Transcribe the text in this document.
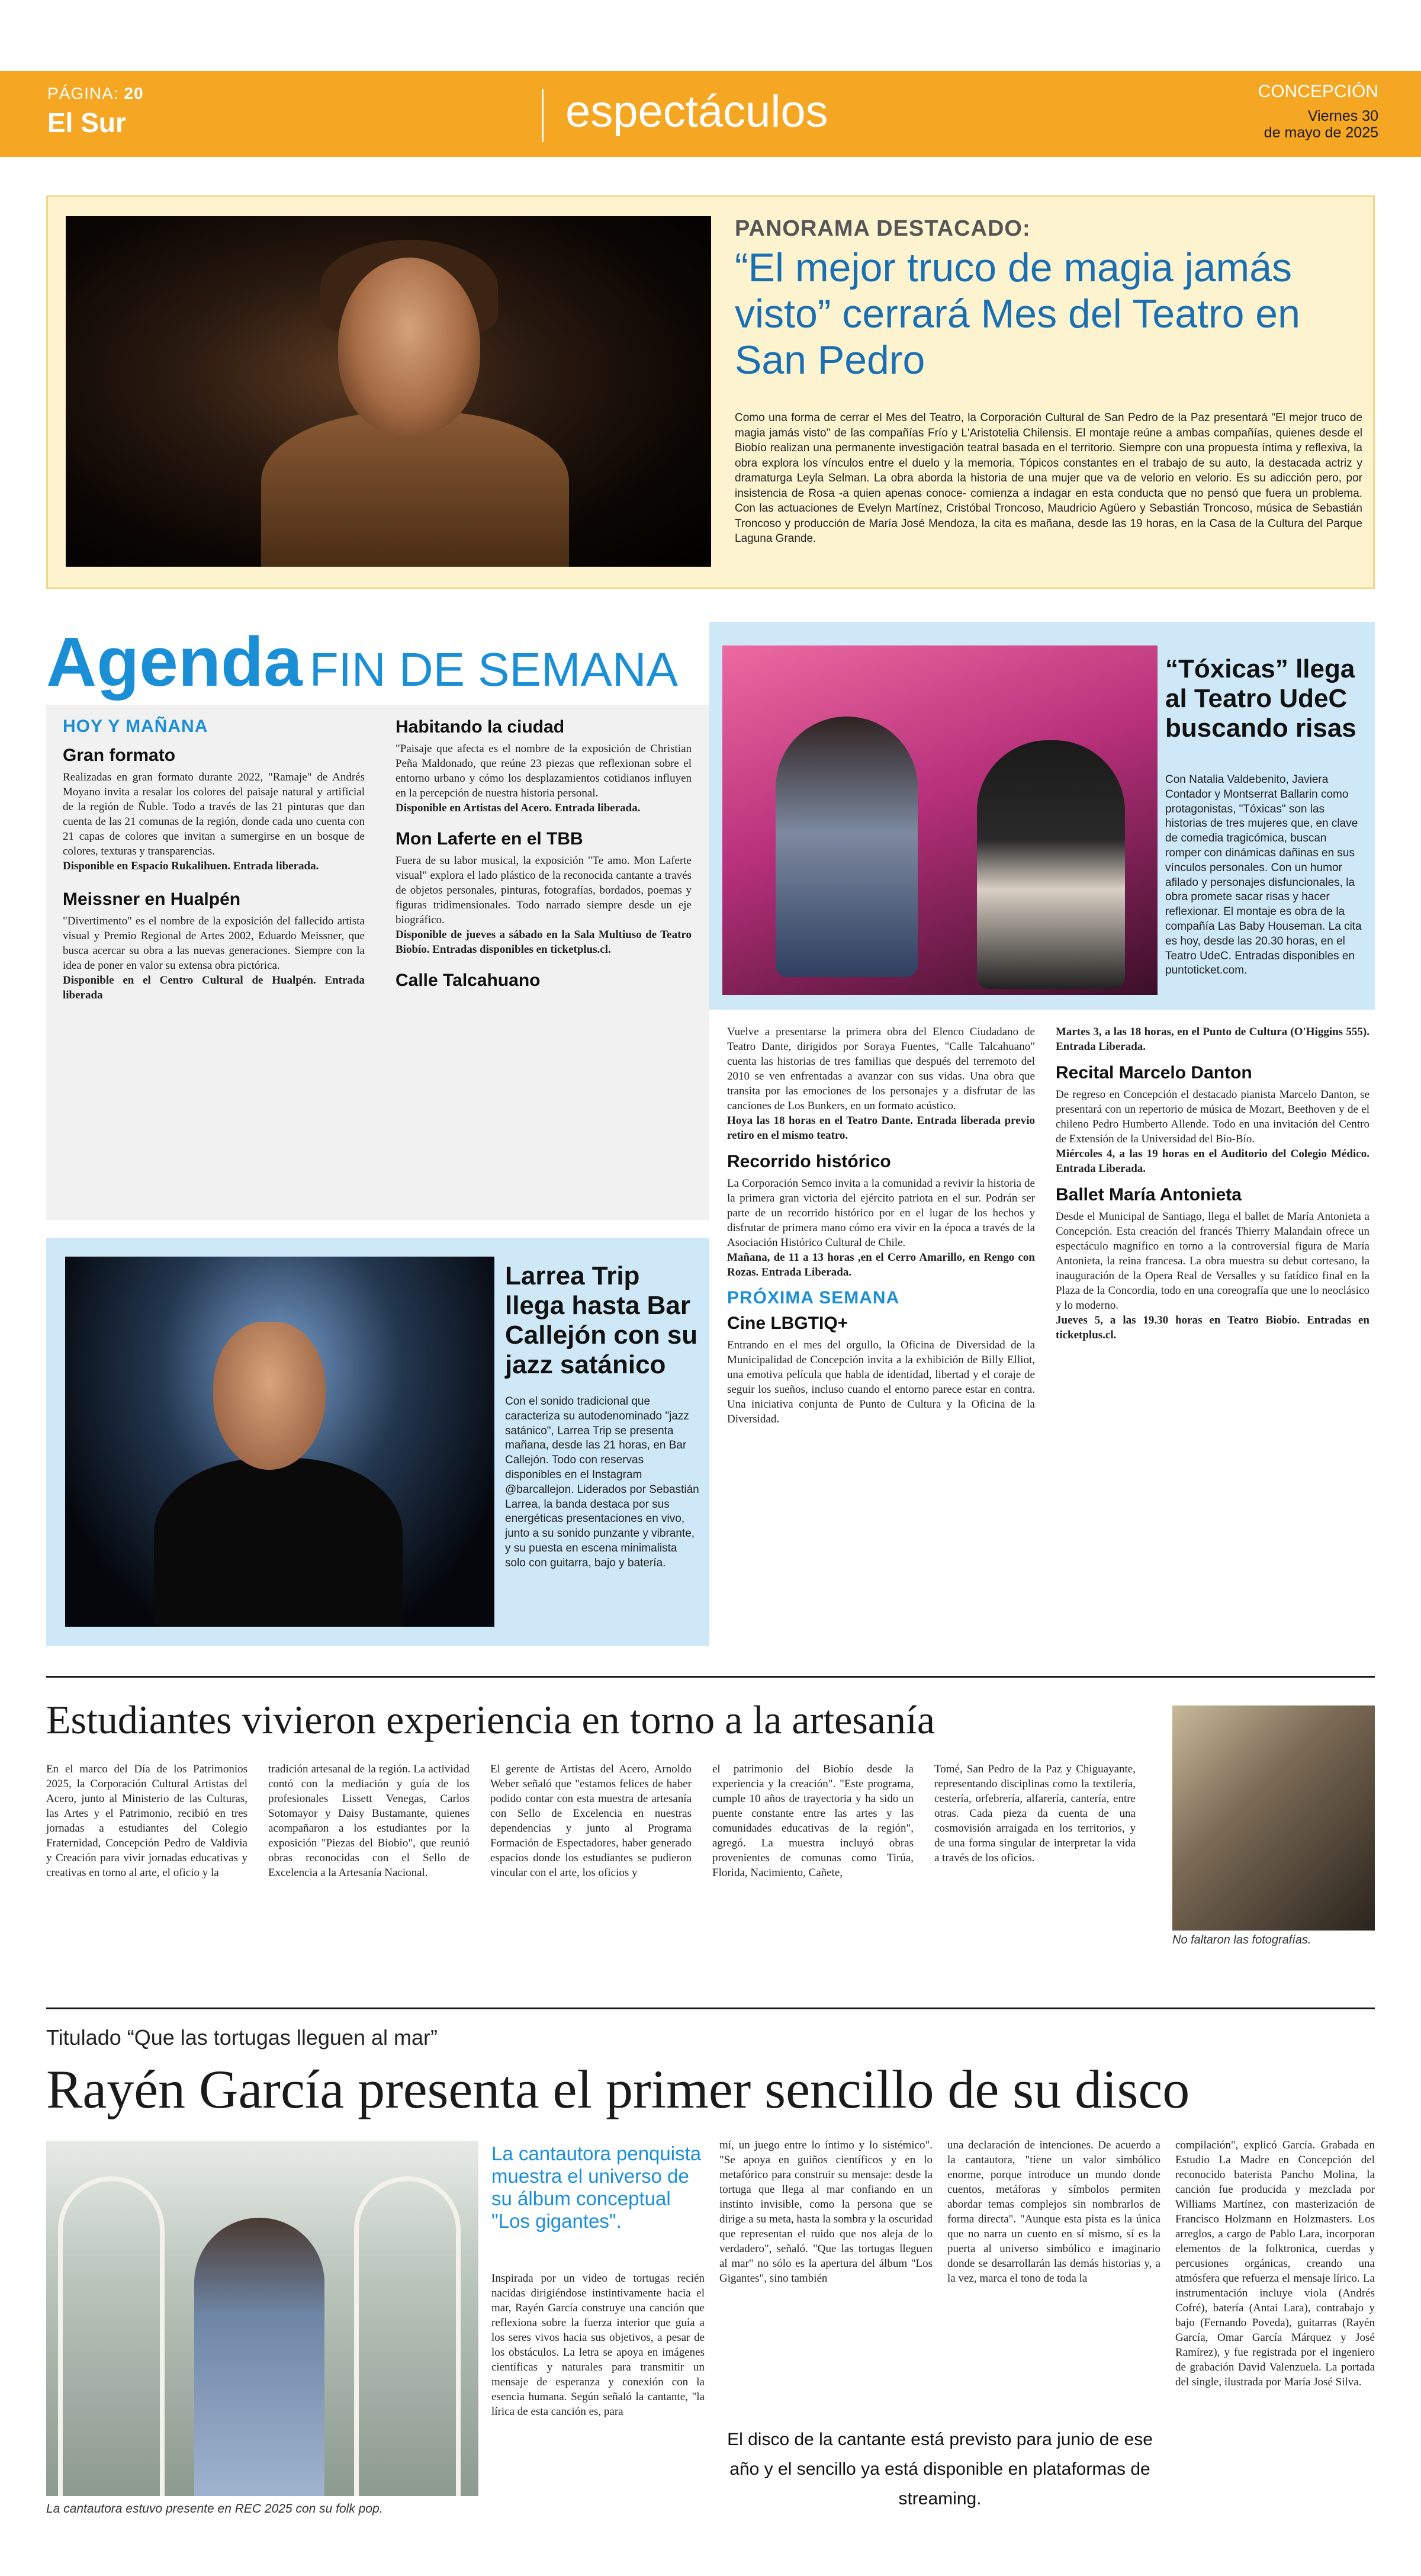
PÁGINA: 20
El Sur	espectáculos	CONCEPCIÓN
Viernes 30
de mayo de 2025
PANORAMA DESTACADO:
“El mejor truco de magia jamás visto” cerrará Mes del Teatro en San Pedro
Como una forma de cerrar el Mes del Teatro, la Corporación Cultural de San Pedro de la Paz presentará "El mejor truco de magia jamás visto" de las compañías Frío y L'Aristotelia Chilensis. El montaje reúne a ambas compañías, quienes desde el Biobío realizan una permanente investigación teatral basada en el territorio. Siempre con una propuesta íntima y reflexiva, la obra explora los vínculos entre el duelo y la memoria. Tópicos constantes en el trabajo de su auto, la destacada actriz y dramaturga Leyla Selman. La obra aborda la historia de una mujer que va de velorio en velorio. Es su adicción pero, por insistencia de Rosa -a quien apenas conoce- comienza a indagar en esta conducta que no pensó que fuera un problema. Con las actuaciones de Evelyn Martínez, Cristóbal Troncoso, Maudricio Agüero y Sebastián Troncoso, música de Sebastián Troncoso y producción de María José Mendoza, la cita es mañana, desde las 19 horas, en la Casa de la Cultura del Parque Laguna Grande.
Agenda FIN DE SEMANA
HOY Y MAÑANA
Gran formato

Realizadas en gran formato durante 2022, "Ramaje" de Andrés Moyano invita a resalar los colores del paisaje natural y artificial de la región de Ñuble. Todo a través de las 21 pinturas que dan cuenta de las 21 comunas de la región, donde cada uno cuenta con 21 capas de colores que invitan a sumergirse en un bosque de colores, texturas y transparencias.

Disponible en Espacio Rukalihuen. Entrada liberada.

Meissner en Hualpén

"Divertimento" es el nombre de la exposición del fallecido artista visual y Premio Regional de Artes 2002, Eduardo Meissner, que busca acercar su obra a las nuevas generaciones. Siempre con la idea de poner en valor su extensa obra pictórica.

Disponible en el Centro Cultural de Hualpén. Entrada liberada

Habitando la ciudad

"Paisaje que afecta es el nombre de la exposición de Christian Peña Maldonado, que reúne 23 piezas que reflexionan sobre el entorno urbano y cómo los desplazamientos cotidianos influyen en la percepción de nuestra historia personal.

Disponible en Artistas del Acero. Entrada liberada.

Mon Laferte en el TBB

Fuera de su labor musical, la exposición "Te amo. Mon Laferte visual" explora el lado plástico de la reconocida cantante a través de objetos personales, pinturas, fotografías, bordados, poemas y figuras tridimensionales. Todo narrado siempre desde un eje biográfico.

Disponible de jueves a sábado en la Sala Multiuso de Teatro Biobío. Entradas disponibles en ticketplus.cl.

Calle Talcahuano
“Tóxicas” llega al Teatro UdeC buscando risas
Con Natalia Valdebenito, Javiera Contador y Montserrat Ballarin como protagonistas, "Tóxicas" son las historias de tres mujeres que, en clave de comedia tragicómica, buscan romper con dinámicas dañinas en sus vínculos personales. Con un humor afilado y personajes disfuncionales, la obra promete sacar risas y hacer reflexionar. El montaje es obra de la compañía Las Baby Houseman. La cita es hoy, desde las 20.30 horas, en el Teatro UdeC. Entradas disponibles en puntoticket.com.

Vuelve a presentarse la primera obra del Elenco Ciudadano de Teatro Dante, dirigidos por Soraya Fuentes, "Calle Talcahuano" cuenta las historias de tres familias que después del terremoto del 2010 se ven enfrentadas a avanzar con sus vidas. Una obra que transita por las emociones de los personajes y a disfrutar de las canciones de Los Bunkers, en un formato acústico.

Hoya las 18 horas en el Teatro Dante. Entrada liberada previo retiro en el mismo teatro.

Recorrido histórico

La Corporación Semco invita a la comunidad a revivir la historia de la primera gran victoria del ejército patriota en el sur. Podrán ser parte de un recorrido histórico por en el lugar de los hechos y disfrutar de primera mano cómo era vivir en la época a través de la Asociación Histórico Cultural de Chile.

Mañana, de 11 a 13 horas ,en el Cerro Amarillo, en Rengo con Rozas. Entrada Liberada.

PRÓXIMA SEMANA
Cine LBGTIQ+

Entrando en el mes del orgullo, la Oficina de Diversidad de la Municipalidad de Concepción invita a la exhibición de Billy Elliot, una emotiva película que habla de identidad, libertad y el coraje de seguir los sueños, incluso cuando el entorno parece estar en contra. Una iniciativa conjunta de Punto de Cultura y la Oficina de la Diversidad.

Martes 3, a las 18 horas, en el Punto de Cultura (O'Higgins 555). Entrada Liberada.

Recital Marcelo Danton

De regreso en Concepción el destacado pianista Marcelo Danton, se presentará con un repertorio de música de Mozart, Beethoven y de el chileno Pedro Humberto Allende. Todo en una invitación del Centro de Extensión de la Universidad del Bío-Bío.

Miércoles 4, a las 19 horas en el Auditorio del Colegio Médico. Entrada Liberada.

Ballet María Antonieta

Desde el Municipal de Santiago, llega el ballet de María Antonieta a Concepción. Esta creación del francés Thierry Malandain ofrece un espectáculo magnífico en torno a la controversial figura de María Antonieta, la reina francesa. La obra muestra su debut cortesano, la inauguración de la Opera Real de Versalles y su fatídico final en la Plaza de la Concordia, todo en una coreografía que une lo neoclásico y lo moderno.

Jueves 5, a las 19.30 horas en Teatro Biobío. Entradas en ticketplus.cl.

Larrea Trip llega hasta Bar Callejón con su jazz satánico
Con el sonido tradicional que caracteriza su autodenominado "jazz satánico", Larrea Trip se presenta mañana, desde las 21 horas, en Bar Callejón. Todo con reservas disponibles en el Instagram @barcallejon. Liderados por Sebastián Larrea, la banda destaca por sus energéticas presentaciones en vivo, junto a su sonido punzante y vibrante, y su puesta en escena minimalista solo con guitarra, bajo y batería.
Estudiantes vivieron experiencia en torno a la artesanía

En el marco del Día de los Patrimonios 2025, la Corporación Cultural Artistas del Acero, junto al Ministerio de las Culturas, las Artes y el Patrimonio, recibió en tres jornadas a estudiantes del Colegio Fraternidad, Concepción Pedro de Valdivia y Creación para vivir jornadas educativas y creativas en torno al arte, el oficio y la

tradición artesanal de la región. La actividad contó con la mediación y guía de los profesionales Lissett Venegas, Carlos Sotomayor y Daisy Bustamante, quienes acompañaron a los estudiantes por la exposición "Piezas del Biobío", que reunió obras reconocidas con el Sello de Excelencia a la Artesanía Nacional.

El gerente de Artistas del Acero, Arnoldo Weber señaló que "estamos felices de haber podido contar con esta muestra de artesanía con Sello de Excelencia en nuestras dependencias y junto al Programa Formación de Espectadores, haber generado espacios donde los estudiantes se pudieron vincular con el arte, los oficios y

el patrimonio del Biobío desde la experiencia y la creación". "Este programa, cumple 10 años de trayectoria y ha sido un puente constante entre las artes y las comunidades educativas de la región", agregó. La muestra incluyó obras provenientes de comunas como Tirúa, Florida, Nacimiento, Cañete,

Tomé, San Pedro de la Paz y Chiguayante, representando disciplinas como la textilería, cestería, orfebrería, alfarería, cantería, entre otras. Cada pieza da cuenta de una cosmovisión arraigada en los territorios, y de una forma singular de interpretar la vida a través de los oficios.

No faltaron las fotografías.
Titulado “Que las tortugas lleguen al mar”
Rayén García presenta el primer sencillo de su disco
La cantautora estuvo presente en REC 2025 con su folk pop.
La cantautora penquista muestra el universo de su álbum conceptual "Los gigantes".

Inspirada por un video de tortugas recién nacidas dirigiéndose instintivamente hacia el mar, Rayén García construye una canción que reflexiona sobre la fuerza interior que guía a los seres vivos hacia sus objetivos, a pesar de los obstáculos. La letra se apoya en imágenes científicas y naturales para transmitir un mensaje de esperanza y conexión con la esencia humana. Según señaló la cantante, "la lírica de esta canción es, para

mí, un juego entre lo íntimo y lo sistémico". "Se apoya en guiños científicos y en lo metafórico para construir su mensaje: desde la tortuga que llega al mar confiando en un instinto invisible, como la persona que se dirige a su meta, hasta la sombra y la oscuridad que representan el ruido que nos aleja de lo verdadero", señaló. "Que las tortugas lleguen al mar" no sólo es la apertura del álbum "Los Gigantes", sino también

una declaración de intenciones. De acuerdo a la cantautora, "tiene un valor simbólico enorme, porque introduce un mundo donde cuentos, metáforas y símbolos permiten abordar temas complejos sin nombrarlos de forma directa". "Aunque esta pista es la única que no narra un cuento en sí mismo, sí es la puerta al universo simbólico e imaginario donde se desarrollarán las demás historias y, a la vez, marca el tono de toda la

compilación", explicó García. Grabada en Estudio La Madre en Concepción del reconocido baterista Pancho Molina, la canción fue producida y mezclada por Williams Martínez, con masterización de Francisco Holzmann en Holzmasters. Los arreglos, a cargo de Pablo Lara, incorporan elementos de la folktronica, cuerdas y percusiones orgánicas, creando una atmósfera que refuerza el mensaje lírico. La instrumentación incluye viola (Andrés Cofré), batería (Antai Lara), contrabajo y bajo (Fernando Poveda), guitarras (Rayén García, Omar García Márquez y José Ramírez), y fue registrada por el ingeniero de grabación David Valenzuela. La portada del single, ilustrada por María José Silva.

El disco de la cantante está previsto para junio de ese año y el sencillo ya está disponible en plataformas de streaming.
